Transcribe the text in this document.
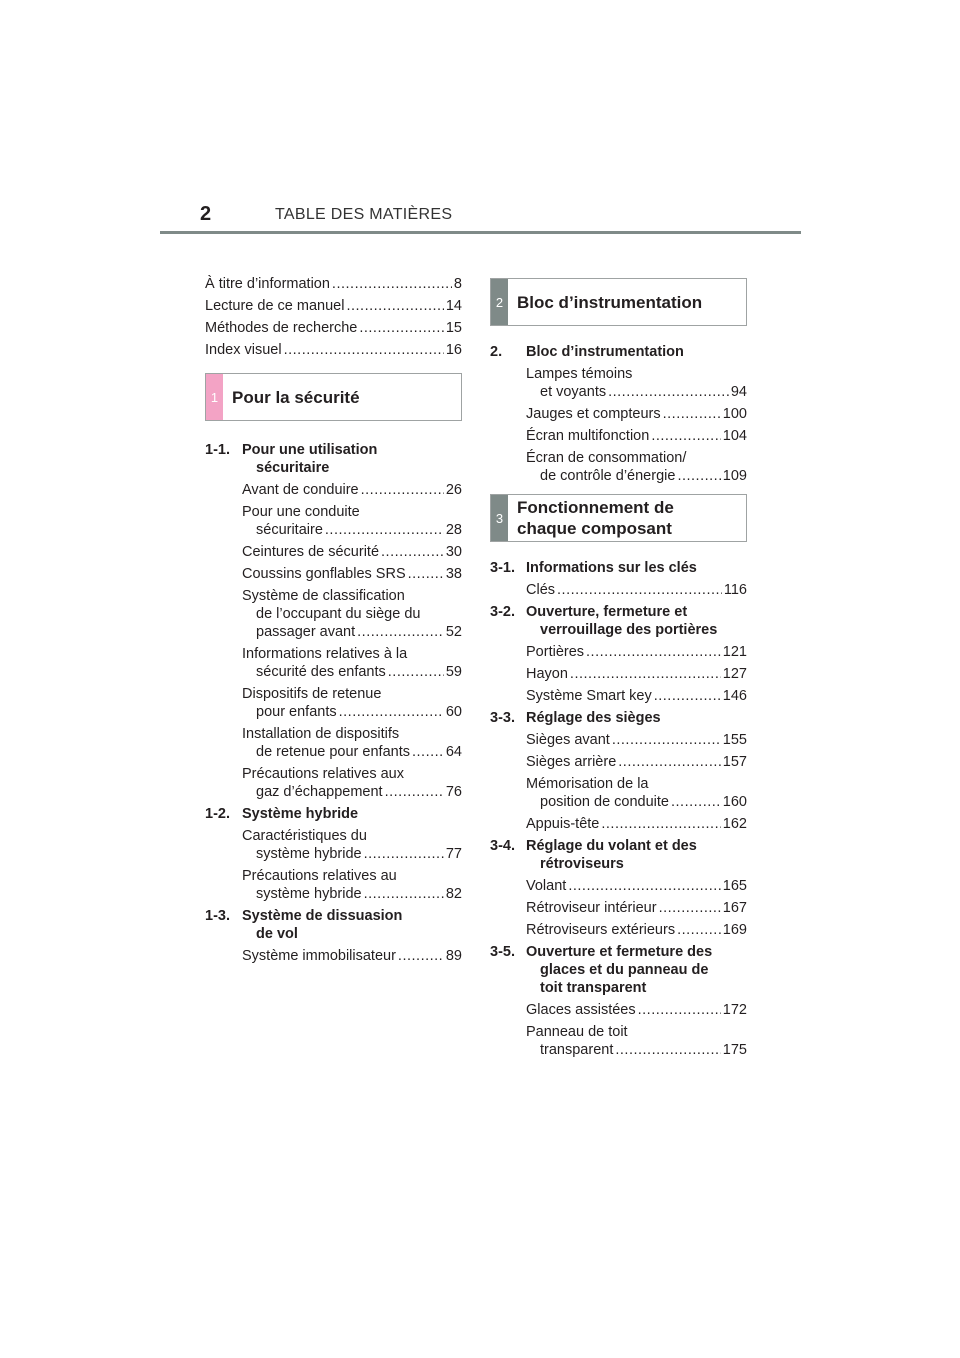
2	TABLE DES MATIÈRES
À titre d’information .....	8
Lecture de ce manuel .....	14
Méthodes de recherche .....	15
Index visuel .....	16
1 Pour la sécurité
1-1. Pour une utilisation
sécuritaire
Avant de conduire .....	26
Pour une conduite
sécuritaire .....	28
Ceintures de sécurité .....	30
Coussins gonflables SRS .....	38
Système de classification
de l’occupant du siège du
passager avant .....	52
Informations relatives à la
sécurité des enfants .....	59
Dispositifs de retenue
pour enfants .....	60
Installation de dispositifs
de retenue pour enfants ..... 64
Précautions relatives aux
gaz d’échappement .....	76
1-2. Système hybride
Caractéristiques du
système hybride .....	77
Précautions relatives au
système hybride .....	82
1-3. Système de dissuasion
de vol
Système immobilisateur .....	89
2 Bloc d’instrumentation
2.	Bloc d’instrumentation
Lampes témoins
et voyants .....	94
Jauges et compteurs .....	100
Écran multifonction .....	104
Écran de consommation/
de contrôle d’énergie .....	109
3
Fonctionnement de
chaque composant
3-1. Informations sur les clés
Clés .....	116
3-2. Ouverture, fermeture et
verrouillage des portières
Portières .....	121
Hayon .....	127
Système Smart key .....	146
3-3. Réglage des sièges
Sièges avant .....	155
Sièges arrière .....	157
Mémorisation de la
position de conduite .....	160
Appuis-tête .....	162
3-4. Réglage du volant et des
rétroviseurs
Volant .....	165
Rétroviseur intérieur .....	167
Rétroviseurs extérieurs .....	169
3-5. Ouverture et fermeture des
glaces et du panneau de
toit transparent
Glaces assistées .....	172
Panneau de toit
transparent .....	175
